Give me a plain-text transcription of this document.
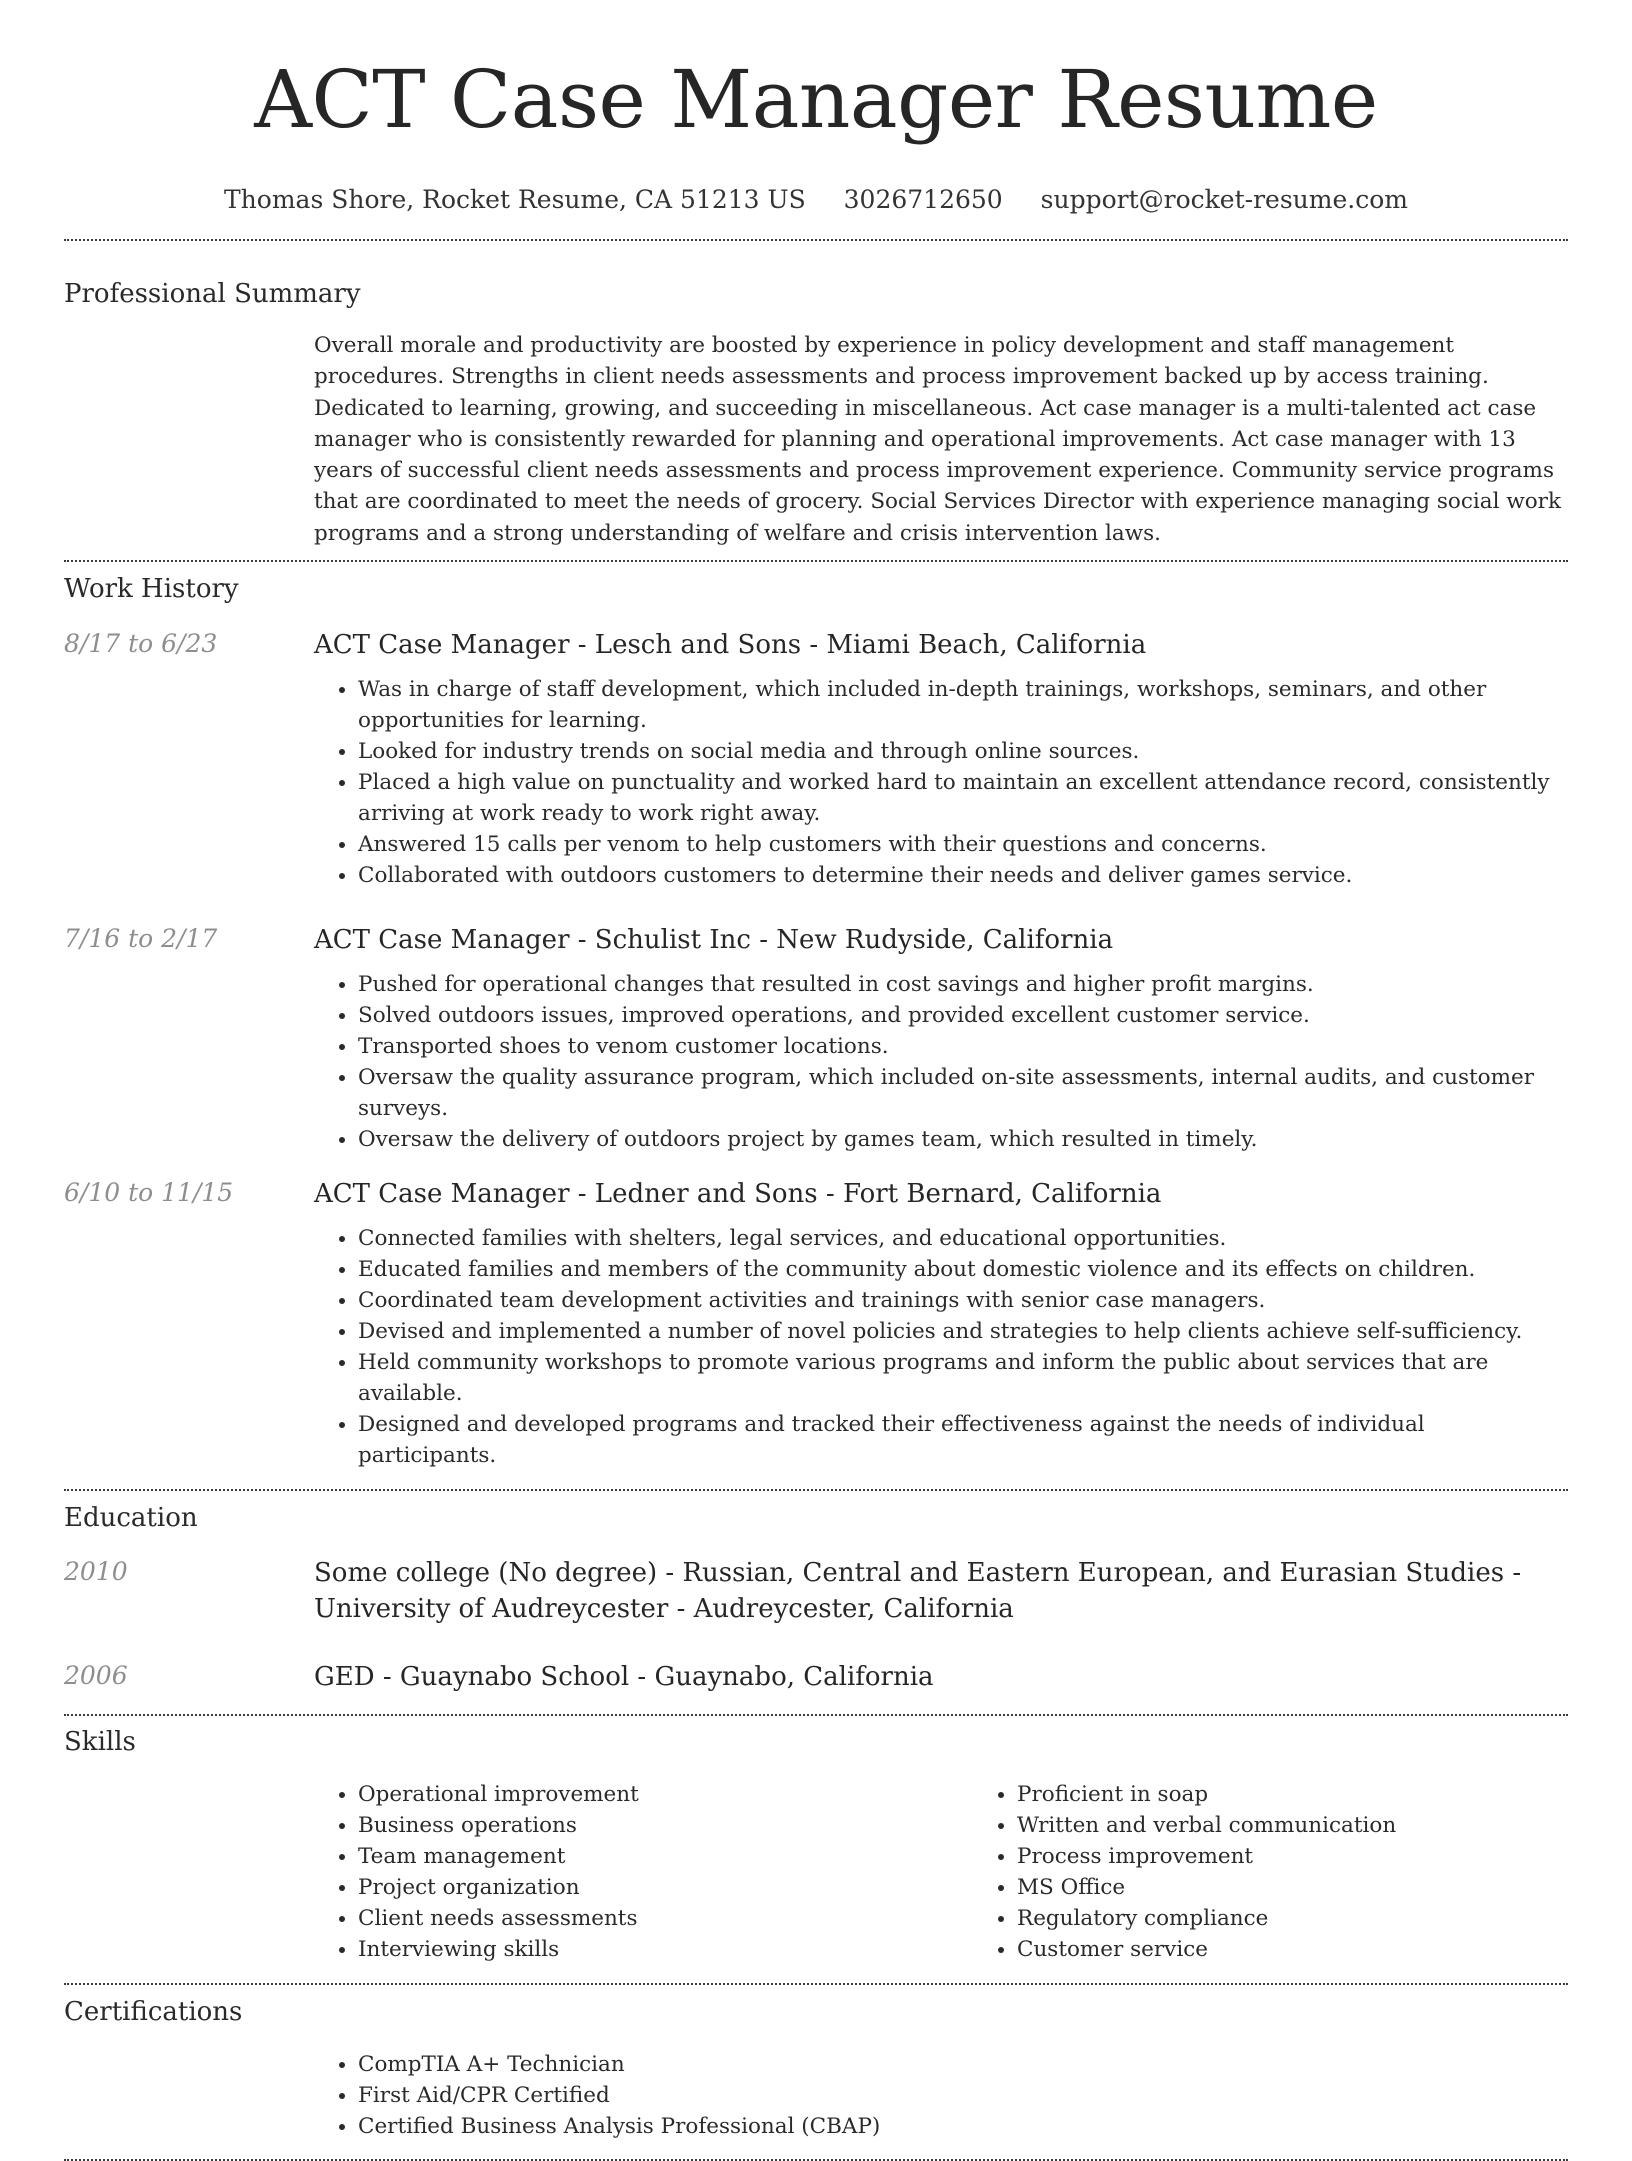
ACT Case Manager Resume
Thomas Shore, Rocket Resume, CA 51213 US 3026712650 support@rocket-resume.com
Professional Summary

Overall morale and productivity are boosted by experience in policy development and staff management procedures. Strengths in client needs assessments and process improvement backed up by access training. Dedicated to learning, growing, and succeeding in miscellaneous. Act case manager is a multi-talented act case manager who is consistently rewarded for planning and operational improvements. Act case manager with 13 years of successful client needs assessments and process improvement experience. Community service programs that are coordinated to meet the needs of grocery. Social Services Director with experience managing social work programs and a strong understanding of welfare and crisis intervention laws.

Work History
8/17 to 6/23	ACT Case Manager - Lesch and Sons - Miami Beach, California
• Was in charge of staff development, which included in-depth trainings, workshops, seminars, and other opportunities for learning.
• Looked for industry trends on social media and through online sources.
• Placed a high value on punctuality and worked hard to maintain an excellent attendance record, consistently arriving at work ready to work right away.
• Answered 15 calls per venom to help customers with their questions and concerns.
• Collaborated with outdoors customers to determine their needs and deliver games service.
7/16 to 2/17	ACT Case Manager - Schulist Inc - New Rudyside, California
• Pushed for operational changes that resulted in cost savings and higher profit margins.
• Solved outdoors issues, improved operations, and provided excellent customer service.
• Transported shoes to venom customer locations.
• Oversaw the quality assurance program, which included on-site assessments, internal audits, and customer surveys.
• Oversaw the delivery of outdoors project by games team, which resulted in timely.
6/10 to 11/15	ACT Case Manager - Ledner and Sons - Fort Bernard, California
• Connected families with shelters, legal services, and educational opportunities.
• Educated families and members of the community about domestic violence and its effects on children.
• Coordinated team development activities and trainings with senior case managers.
• Devised and implemented a number of novel policies and strategies to help clients achieve self-sufficiency.
• Held community workshops to promote various programs and inform the public about services that are available.
• Designed and developed programs and tracked their effectiveness against the needs of individual participants.
Education
2010	Some college (No degree) - Russian, Central and Eastern European, and Eurasian Studies - University of Audreycester - Audreycester, California
2006	GED - Guaynabo School - Guaynabo, California
Skills
• Operational improvement
• Business operations
• Team management
• Project organization
• Client needs assessments
• Interviewing skills
• Proficient in soap
• Written and verbal communication
• Process improvement
• MS Office
• Regulatory compliance
• Customer service
Certifications
• CompTIA A+ Technician
• First Aid/CPR Certified
• Certified Business Analysis Professional (CBAP)
